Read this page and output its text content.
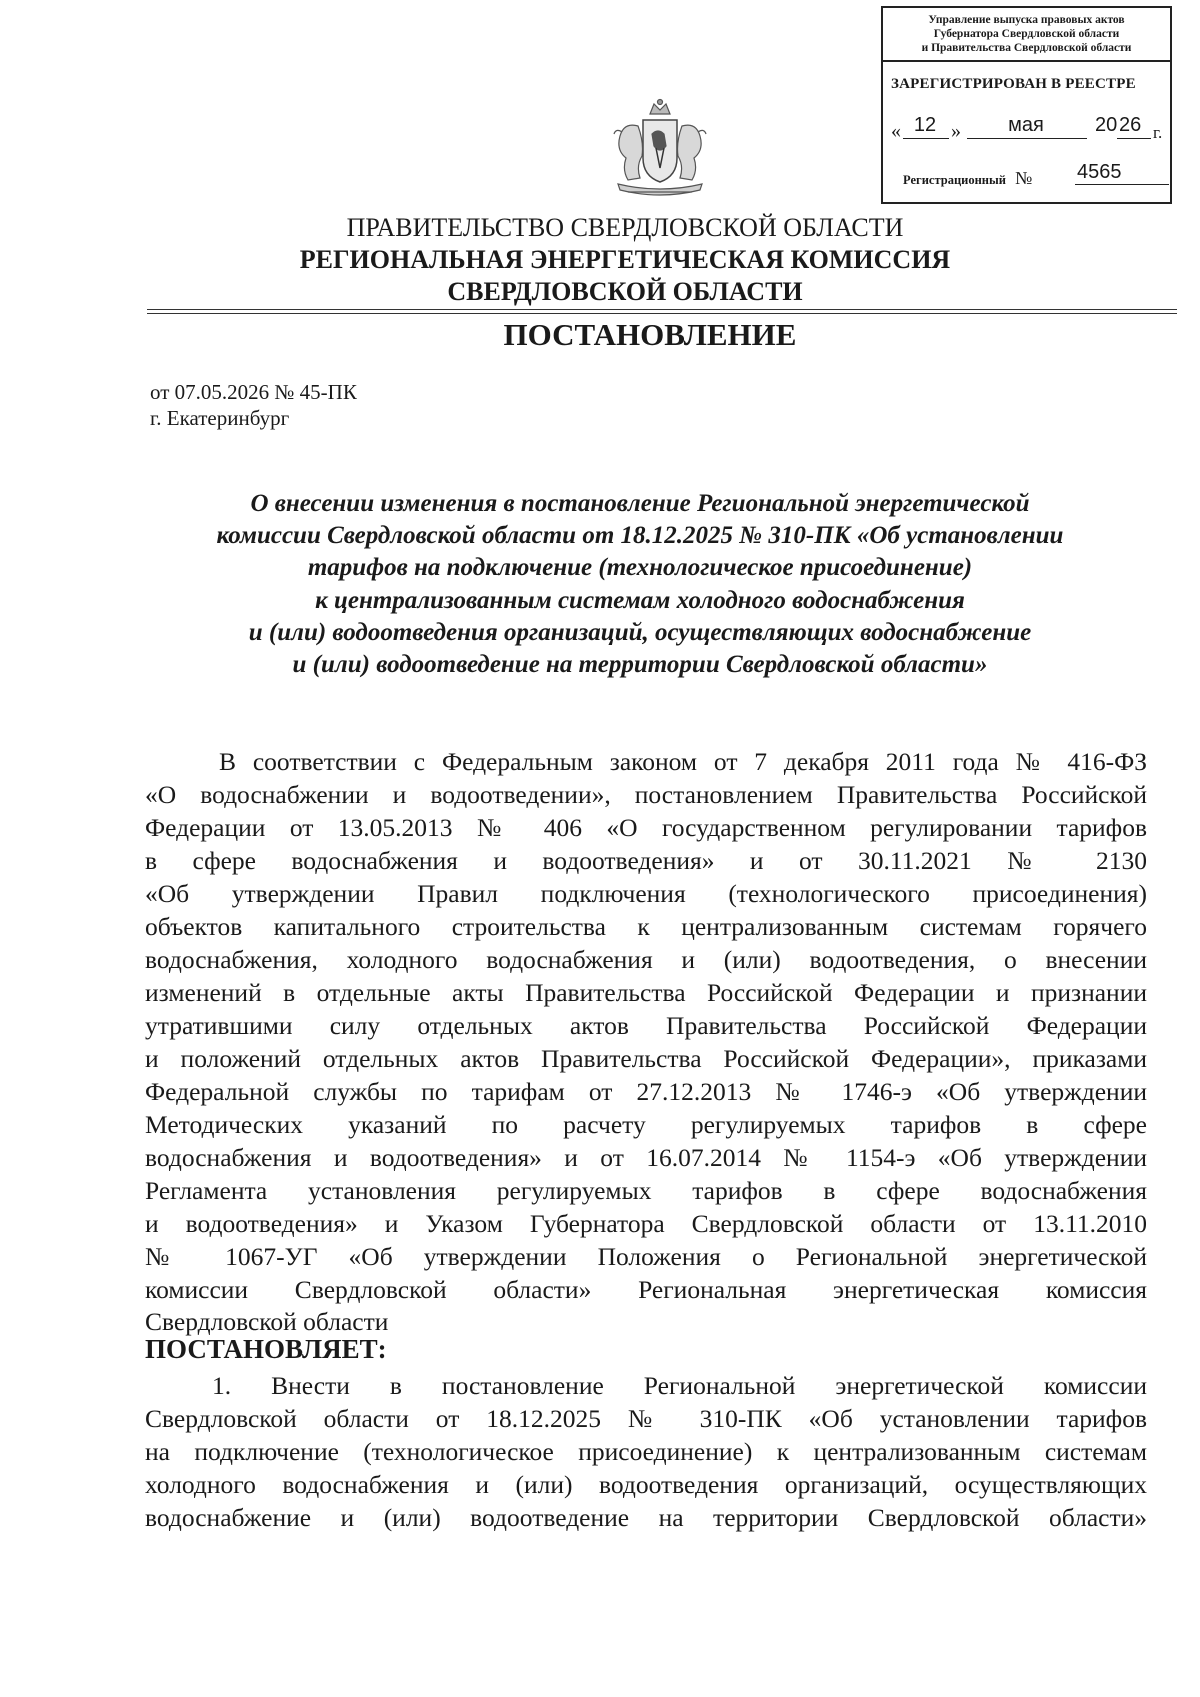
Управление выпуска правовых актов
Губернатора Свердловской области
и Правительства Свердловской области
ЗАРЕГИСТРИРОВАН В РЕЕСТРЕ
« 12 »	мая	20 26 г.
Регистрационный № 4565
ПРАВИТЕЛЬСТВО СВЕРДЛОВСКОЙ ОБЛАСТИ
РЕГИОНАЛЬНАЯ ЭНЕРГЕТИЧЕСКАЯ КОМИССИЯ
СВЕРДЛОВСКОЙ ОБЛАСТИ
ПОСТАНОВЛЕНИЕ
от 07.05.2026 № 45-ПК
г. Екатеринбург
О внесении изменения в постановление Региональной энергетической
комиссии Свердловской области от 18.12.2025 № 310-ПК «Об установлении
тарифов на подключение (технологическое присоединение)
к централизованным системам холодного водоснабжения
и (или) водоотведения организаций, осуществляющих водоснабжение
и (или) водоотведение на территории Свердловской области»
В соответствии с Федеральным законом от 7 декабря 2011 года № 416-ФЗ
«О водоснабжении и водоотведении», постановлением Правительства Российской
Федерации от 13.05.2013 № 406 «О государственном регулировании тарифов
в сфере водоснабжения и водоотведения» и от 30.11.2021 № 2130
«Об утверждении Правил подключения (технологического присоединения)
объектов капитального строительства к централизованным системам горячего
водоснабжения, холодного водоснабжения и (или) водоотведения, о внесении
изменений в отдельные акты Правительства Российской Федерации и признании
утратившими силу отдельных актов Правительства Российской Федерации
и положений отдельных актов Правительства Российской Федерации», приказами
Федеральной службы по тарифам от 27.12.2013 № 1746-э «Об утверждении
Методических указаний по расчету регулируемых тарифов в сфере
водоснабжения и водоотведения» и от 16.07.2014 № 1154-э «Об утверждении
Регламента установления регулируемых тарифов в сфере водоснабжения
и водоотведения» и Указом Губернатора Свердловской области от 13.11.2010
№ 1067-УГ «Об утверждении Положения о Региональной энергетической
комиссии Свердловской области» Региональная энергетическая комиссия
Свердловской области
ПОСТАНОВЛЯЕТ:
1. Внести в постановление Региональной энергетической комиссии
Свердловской области от 18.12.2025 № 310-ПК «Об установлении тарифов
на подключение (технологическое присоединение) к централизованным системам
холодного водоснабжения и (или) водоотведения организаций, осуществляющих
водоснабжение и (или) водоотведение на территории Свердловской области»
